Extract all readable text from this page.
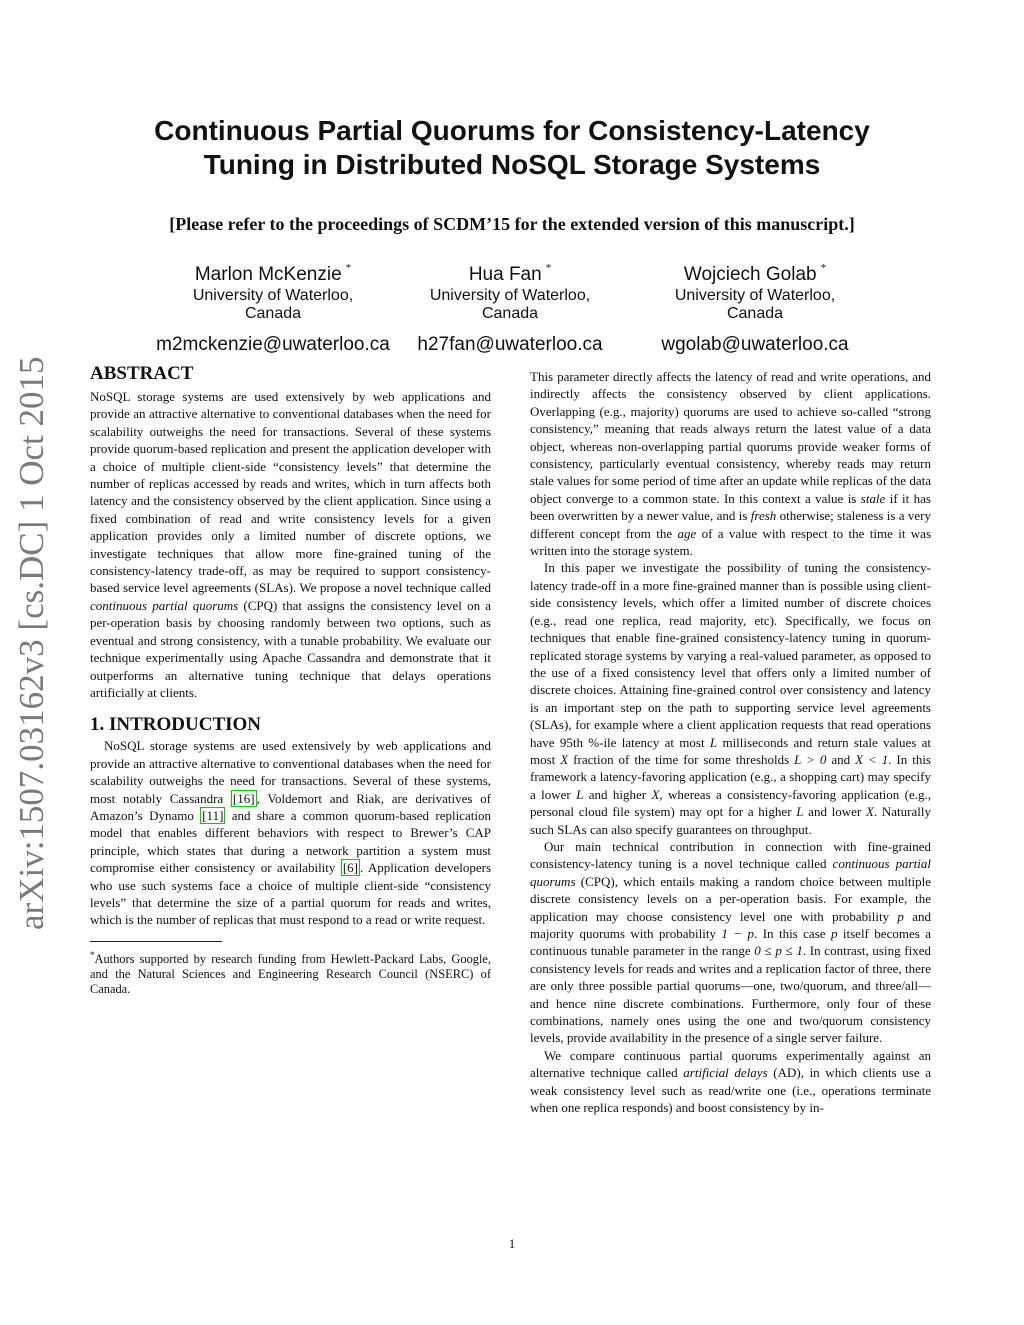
Continuous Partial Quorums for Consistency-Latency
Tuning in Distributed NoSQL Storage Systems
[Please refer to the proceedings of SCDM’15 for the extended version of this manuscript.]
Marlon McKenzie *
University of Waterloo,
Canada
m2mckenzie@uwaterloo.ca
Hua Fan *
University of Waterloo,
Canada
h27fan@uwaterloo.ca
Wojciech Golab *
University of Waterloo,
Canada
wgolab@uwaterloo.ca
arXiv:1507.03162v3 [cs.DC] 1 Oct 2015 ABSTRACT

NoSQL storage systems are used extensively by web applications and provide an attractive alternative to conventional databases when the need for scalability outweighs the need for transactions. Several of these systems provide quorum-based replication and present the application developer with a choice of multiple client-side “consistency levels” that determine the number of replicas accessed by reads and writes, which in turn affects both latency and the consistency observed by the client application. Since using a fixed combination of read and write consistency levels for a given application provides only a limited number of discrete options, we investigate techniques that allow more fine-grained tuning of the consistency-latency trade-off, as may be required to support consistency-based service level agreements (SLAs). We propose a novel technique called continuous partial quorums (CPQ) that assigns the consistency level on a per-operation basis by choosing randomly between two options, such as eventual and strong consistency, with a tunable probability. We evaluate our technique experimentally using Apache Cassandra and demonstrate that it outperforms an alternative tuning technique that delays operations artificially at clients.

1. INTRODUCTION

NoSQL storage systems are used extensively by web applications and provide an attractive alternative to conventional databases when the need for scalability outweighs the need for transactions. Several of these systems, most notably Cassandra [16] , Voldemort and Riak, are derivatives of Amazon’s Dynamo [11] and share a common quorum-based replication model that enables different behaviors with respect to Brewer’s CAP principle, which states that during a network partition a system must compromise either consistency or availability [6] . Application developers who use such systems face a choice of multiple client-side “consistency levels” that determine the size of a partial quorum for reads and writes, which is the number of replicas that must respond to a read or write request.

*Authors supported by research funding from Hewlett-Packard Labs, Google, and the Natural Sciences and Engineering Research Council (NSERC) of Canada.

This parameter directly affects the latency of read and write operations, and indirectly affects the consistency observed by client applications. Overlapping (e.g., majority) quorums are used to achieve so-called “strong consistency,” meaning that reads always return the latest value of a data object, whereas non-overlapping partial quorums provide weaker forms of consistency, particularly eventual consistency, whereby reads may return stale values for some period of time after an update while replicas of the data object converge to a common state. In this context a value is stale if it has been overwritten by a newer value, and is fresh otherwise; staleness is a very different concept from the age of a value with respect to the time it was written into the storage system.

In this paper we investigate the possibility of tuning the consistency-latency trade-off in a more fine-grained manner than is possible using client-side consistency levels, which offer a limited number of discrete choices (e.g., read one replica, read majority, etc). Specifically, we focus on techniques that enable fine-grained consistency-latency tuning in quorum-replicated storage systems by varying a real-valued parameter, as opposed to the use of a fixed consistency level that offers only a limited number of discrete choices. Attaining fine-grained control over consistency and latency is an important step on the path to supporting service level agreements (SLAs), for example where a client application requests that read operations have 95th %-ile latency at most L milliseconds and return stale values at most X fraction of the time for some thresholds L > 0 and X < 1. In this framework a latency-favoring application (e.g., a shopping cart) may specify a lower L and higher X, whereas a consistency-favoring application (e.g., personal cloud file system) may opt for a higher L and lower X. Naturally such SLAs can also specify guarantees on throughput.

Our main technical contribution in connection with fine-grained consistency-latency tuning is a novel technique called continuous partial quorums (CPQ), which entails making a random choice between multiple discrete consistency levels on a per-operation basis. For example, the application may choose consistency level one with probability p and majority quorums with probability 1 − p. In this case p itself becomes a continuous tunable parameter in the range 0 ≤ p ≤ 1. In contrast, using fixed consistency levels for reads and writes and a replication factor of three, there are only three possible partial quorums—one, two/quorum, and three/all—and hence nine discrete combinations. Furthermore, only four of these combinations, namely ones using the one and two/quorum consistency levels, provide availability in the presence of a single server failure.

We compare continuous partial quorums experimentally against an alternative technique called artificial delays (AD), in which clients use a weak consistency level such as read/write one (i.e., operations terminate when one replica responds) and boost consistency by in-

1
